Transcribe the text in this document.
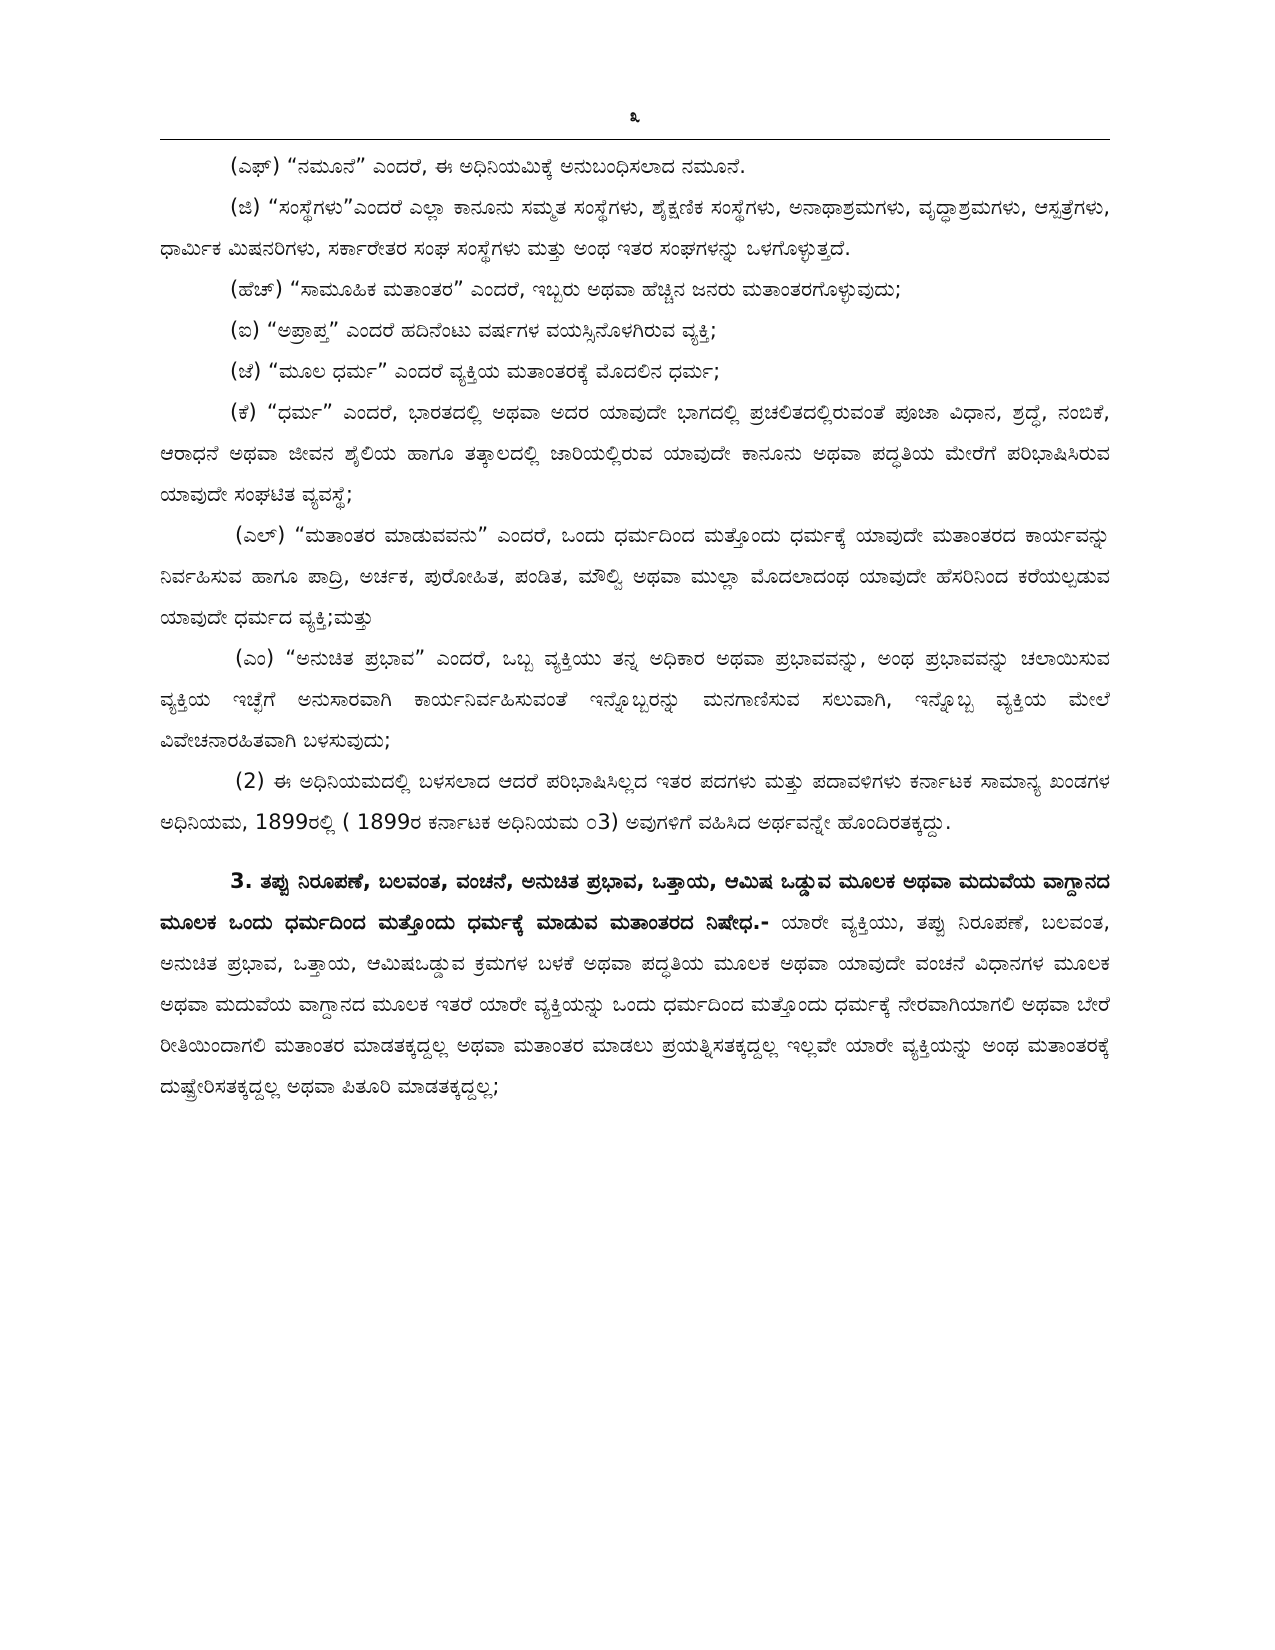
೩

(ಎಫ್) “ನಮೂನೆ” ಎಂದರೆ, ಈ ಅಧಿನಿಯಮಿಕ್ಕೆ ಅನುಬಂಧಿಸಲಾದ ನಮೂನೆ.

(ಜಿ) “ಸಂಸ್ಥೆಗಳು”ಎಂದರೆ ಎಲ್ಲಾ ಕಾನೂನು ಸಮ್ಮತ ಸಂಸ್ಥೆಗಳು, ಶೈಕ್ಷಣಿಕ ಸಂಸ್ಥೆಗಳು, ಅನಾಥಾಶ್ರಮಗಳು, ವೃದ್ಧಾಶ್ರಮಗಳು, ಆಸ್ಪತ್ರೆಗಳು, ಧಾರ್ಮಿಕ ಮಿಷನರಿಗಳು, ಸರ್ಕಾರೇತರ ಸಂಘ ಸಂಸ್ಥೆಗಳು ಮತ್ತು ಅಂಥ ಇತರ ಸಂಘಗಳನ್ನು ಒಳಗೊಳ್ಳುತ್ತದೆ.

(ಹೆಚ್) “ಸಾಮೂಹಿಕ ಮತಾಂತರ” ಎಂದರೆ, ಇಬ್ಬರು ಅಥವಾ ಹೆಚ್ಚಿನ ಜನರು ಮತಾಂತರಗೊಳ್ಳುವುದು;

(ಐ) “ಅಪ್ರಾಪ್ತ” ಎಂದರೆ ಹದಿನೆಂಟು ವರ್ಷಗಳ ವಯಸ್ಸಿನೊಳಗಿರುವ ವ್ಯಕ್ತಿ;

(ಜೆ) “ಮೂಲ ಧರ್ಮ” ಎಂದರೆ ವ್ಯಕ್ತಿಯ ಮತಾಂತರಕ್ಕೆ ಮೊದಲಿನ ಧರ್ಮ;

(ಕೆ) “ಧರ್ಮ” ಎಂದರೆ, ಭಾರತದಲ್ಲಿ ಅಥವಾ ಅದರ ಯಾವುದೇ ಭಾಗದಲ್ಲಿ ಪ್ರಚಲಿತದಲ್ಲಿರುವಂತೆ ಪೂಜಾ ವಿಧಾನ, ಶ್ರದ್ಧೆ, ನಂಬಿಕೆ, ಆರಾಧನೆ ಅಥವಾ ಜೀವನ ಶೈಲಿಯ ಹಾಗೂ ತತ್ಕಾಲದಲ್ಲಿ ಜಾರಿಯಲ್ಲಿರುವ ಯಾವುದೇ ಕಾನೂನು ಅಥವಾ ಪದ್ಧತಿಯ ಮೇರೆಗೆ ಪರಿಭಾಷಿಸಿರುವ ಯಾವುದೇ ಸಂಘಟಿತ ವ್ಯವಸ್ಥೆ;

(ಎಲ್) “ಮತಾಂತರ ಮಾಡುವವನು” ಎಂದರೆ, ಒಂದು ಧರ್ಮದಿಂದ ಮತ್ತೊಂದು ಧರ್ಮಕ್ಕೆ ಯಾವುದೇ ಮತಾಂತರದ ಕಾರ್ಯವನ್ನು ನಿರ್ವಹಿಸುವ ಹಾಗೂ ಪಾದ್ರಿ, ಅರ್ಚಕ, ಪುರೋಹಿತ, ಪಂಡಿತ, ಮೌಲ್ವಿ ಅಥವಾ ಮುಲ್ಲಾ ಮೊದಲಾದಂಥ ಯಾವುದೇ ಹೆಸರಿನಿಂದ ಕರೆಯಲ್ಪಡುವ ಯಾವುದೇ ಧರ್ಮದ ವ್ಯಕ್ತಿ;ಮತ್ತು

(ಎಂ) “ಅನುಚಿತ ಪ್ರಭಾವ” ಎಂದರೆ, ಒಬ್ಬ ವ್ಯಕ್ತಿಯು ತನ್ನ ಅಧಿಕಾರ ಅಥವಾ ಪ್ರಭಾವವನ್ನು, ಅಂಥ ಪ್ರಭಾವವನ್ನು ಚಲಾಯಿಸುವ ವ್ಯಕ್ತಿಯ ಇಚ್ಛೆಗೆ ಅನುಸಾರವಾಗಿ ಕಾರ್ಯನಿರ್ವಹಿಸುವಂತೆ ಇನ್ನೊಬ್ಬರನ್ನು ಮನಗಾಣಿಸುವ ಸಲುವಾಗಿ, ಇನ್ನೊಬ್ಬ ವ್ಯಕ್ತಿಯ ಮೇಲೆ ವಿವೇಚನಾರಹಿತವಾಗಿ ಬಳಸುವುದು;

(2) ಈ ಅಧಿನಿಯಮದಲ್ಲಿ ಬಳಸಲಾದ ಆದರೆ ಪರಿಭಾಷಿಸಿಲ್ಲದ ಇತರ ಪದಗಳು ಮತ್ತು ಪದಾವಳಿಗಳು ಕರ್ನಾಟಕ ಸಾಮಾನ್ಯ ಖಂಡಗಳ ಅಧಿನಿಯಮ, 1899ರಲ್ಲಿ ( 1899ರ ಕರ್ನಾಟಕ ಅಧಿನಿಯಮ ೦3) ಅವುಗಳಿಗೆ ವಹಿಸಿದ ಅರ್ಥವನ್ನೇ ಹೊಂದಿರತಕ್ಕದ್ದು.

3. ತಪ್ಪು ನಿರೂಪಣೆ, ಬಲವಂತ, ವಂಚನೆ, ಅನುಚಿತ ಪ್ರಭಾವ, ಒತ್ತಾಯ, ಆಮಿಷ ಒಡ್ಡುವ ಮೂಲಕ ಅಥವಾ ಮದುವೆಯ ವಾಗ್ದಾನದ ಮೂಲಕ ಒಂದು ಧರ್ಮದಿಂದ ಮತ್ತೊಂದು ಧರ್ಮಕ್ಕೆ ಮಾಡುವ ಮತಾಂತರದ ನಿಷೇಧ.- ಯಾರೇ ವ್ಯಕ್ತಿಯು, ತಪ್ಪು ನಿರೂಪಣೆ, ಬಲವಂತ, ಅನುಚಿತ ಪ್ರಭಾವ, ಒತ್ತಾಯ, ಆಮಿಷಒಡ್ಡುವ ಕ್ರಮಗಳ ಬಳಕೆ ಅಥವಾ ಪದ್ಧತಿಯ ಮೂಲಕ ಅಥವಾ ಯಾವುದೇ ವಂಚನೆ ವಿಧಾನಗಳ ಮೂಲಕ ಅಥವಾ ಮದುವೆಯ ವಾಗ್ದಾನದ ಮೂಲಕ ಇತರೆ ಯಾರೇ ವ್ಯಕ್ತಿಯನ್ನು ಒಂದು ಧರ್ಮದಿಂದ ಮತ್ತೊಂದು ಧರ್ಮಕ್ಕೆ ನೇರವಾಗಿಯಾಗಲಿ ಅಥವಾ ಬೇರೆ ರೀತಿಯಿಂದಾಗಲಿ ಮತಾಂತರ ಮಾಡತಕ್ಕದ್ದಲ್ಲ ಅಥವಾ ಮತಾಂತರ ಮಾಡಲು ಪ್ರಯತ್ನಿಸತಕ್ಕದ್ದಲ್ಲ ಇಲ್ಲವೇ ಯಾರೇ ವ್ಯಕ್ತಿಯನ್ನು ಅಂಥ ಮತಾಂತರಕ್ಕೆ ದುಷ್ಪ್ರೇರಿಸತಕ್ಕದ್ದಲ್ಲ ಅಥವಾ ಪಿತೂರಿ ಮಾಡತಕ್ಕದ್ದಲ್ಲ;
